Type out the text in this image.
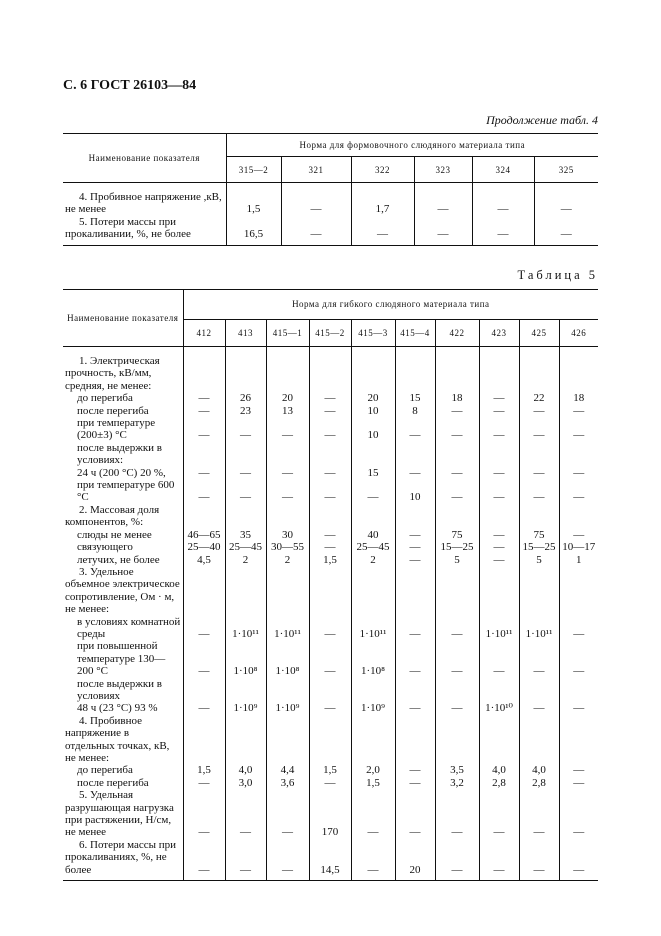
С. 6 ГОСТ 26103—84
Продолжение табл. 4
Наименование показателя	Норма для формовочного слюдяного материала типа					
	315—2	321	322	323	324	325
4. Пробивное напряжение ,кВ, не менее	1,5	—	1,7	—	—	—
5. Потери массы при прокаливании, %, не более	16,5	—	—	—	—	—
Таблица 5
Наименование показателя	Норма для гибкого слюдяного материала типа									
	412	413	415—1	415—2	415—3	415—4	422	423	425	426
1. Электрическая прочность, кВ/мм, средняя, не менее:										
до перегиба	—	26	20	—	20	15	18	—	22	18
после перегиба	—	23	13	—	10	8	—	—	—	—
при температуре (200±3) °С	—	—	—	—	10	—	—	—	—	—
после выдержки в условиях:										
24 ч (200 °С) 20 %,	—	—	—	—	15	—	—	—	—	—
при температуре 600 °С	—	—	—	—	—	10	—	—	—	—
2. Массовая доля компонентов, %:										
слюды не менее	46—65	35	30	—	40	—	75	—	75	—
связующего	25—40	25—45	30—55	—	25—45	—	15—25	—	15—25	10—17
летучих, не более	4,5	2	2	1,5	2	—	5	—	5	1
3. Удельное объемное электрическое сопротивление, Ом · м, не менее:										
в условиях комнатной среды	—	1·10¹¹	1·10¹¹	—	1·10¹¹	—	—	1·10¹¹	1·10¹¹	—
при повышенной температуре 130—200 °С	—	1·10⁸	1·10⁸	—	1·10⁸	—	—	—	—	—
после выдержки в условиях										
48 ч (23 °С) 93 %	—	1·10⁹	1·10⁹	—	1·10⁹	—	—	1·10¹⁰	—	—
4. Пробивное напряжение в отдельных точках, кВ, не менее:										
до перегиба	1,5	4,0	4,4	1,5	2,0	—	3,5	4,0	4,0	—
после перегиба	—	3,0	3,6	—	1,5	—	3,2	2,8	2,8	—
5. Удельная разрушающая нагрузка при растяжении, Н/см, не менее	—	—	—	170	—	—	—	—	—	—
6. Потери массы при прокаливаниях, %, не более	—	—	—	14,5	—	20	—	—	—	—
